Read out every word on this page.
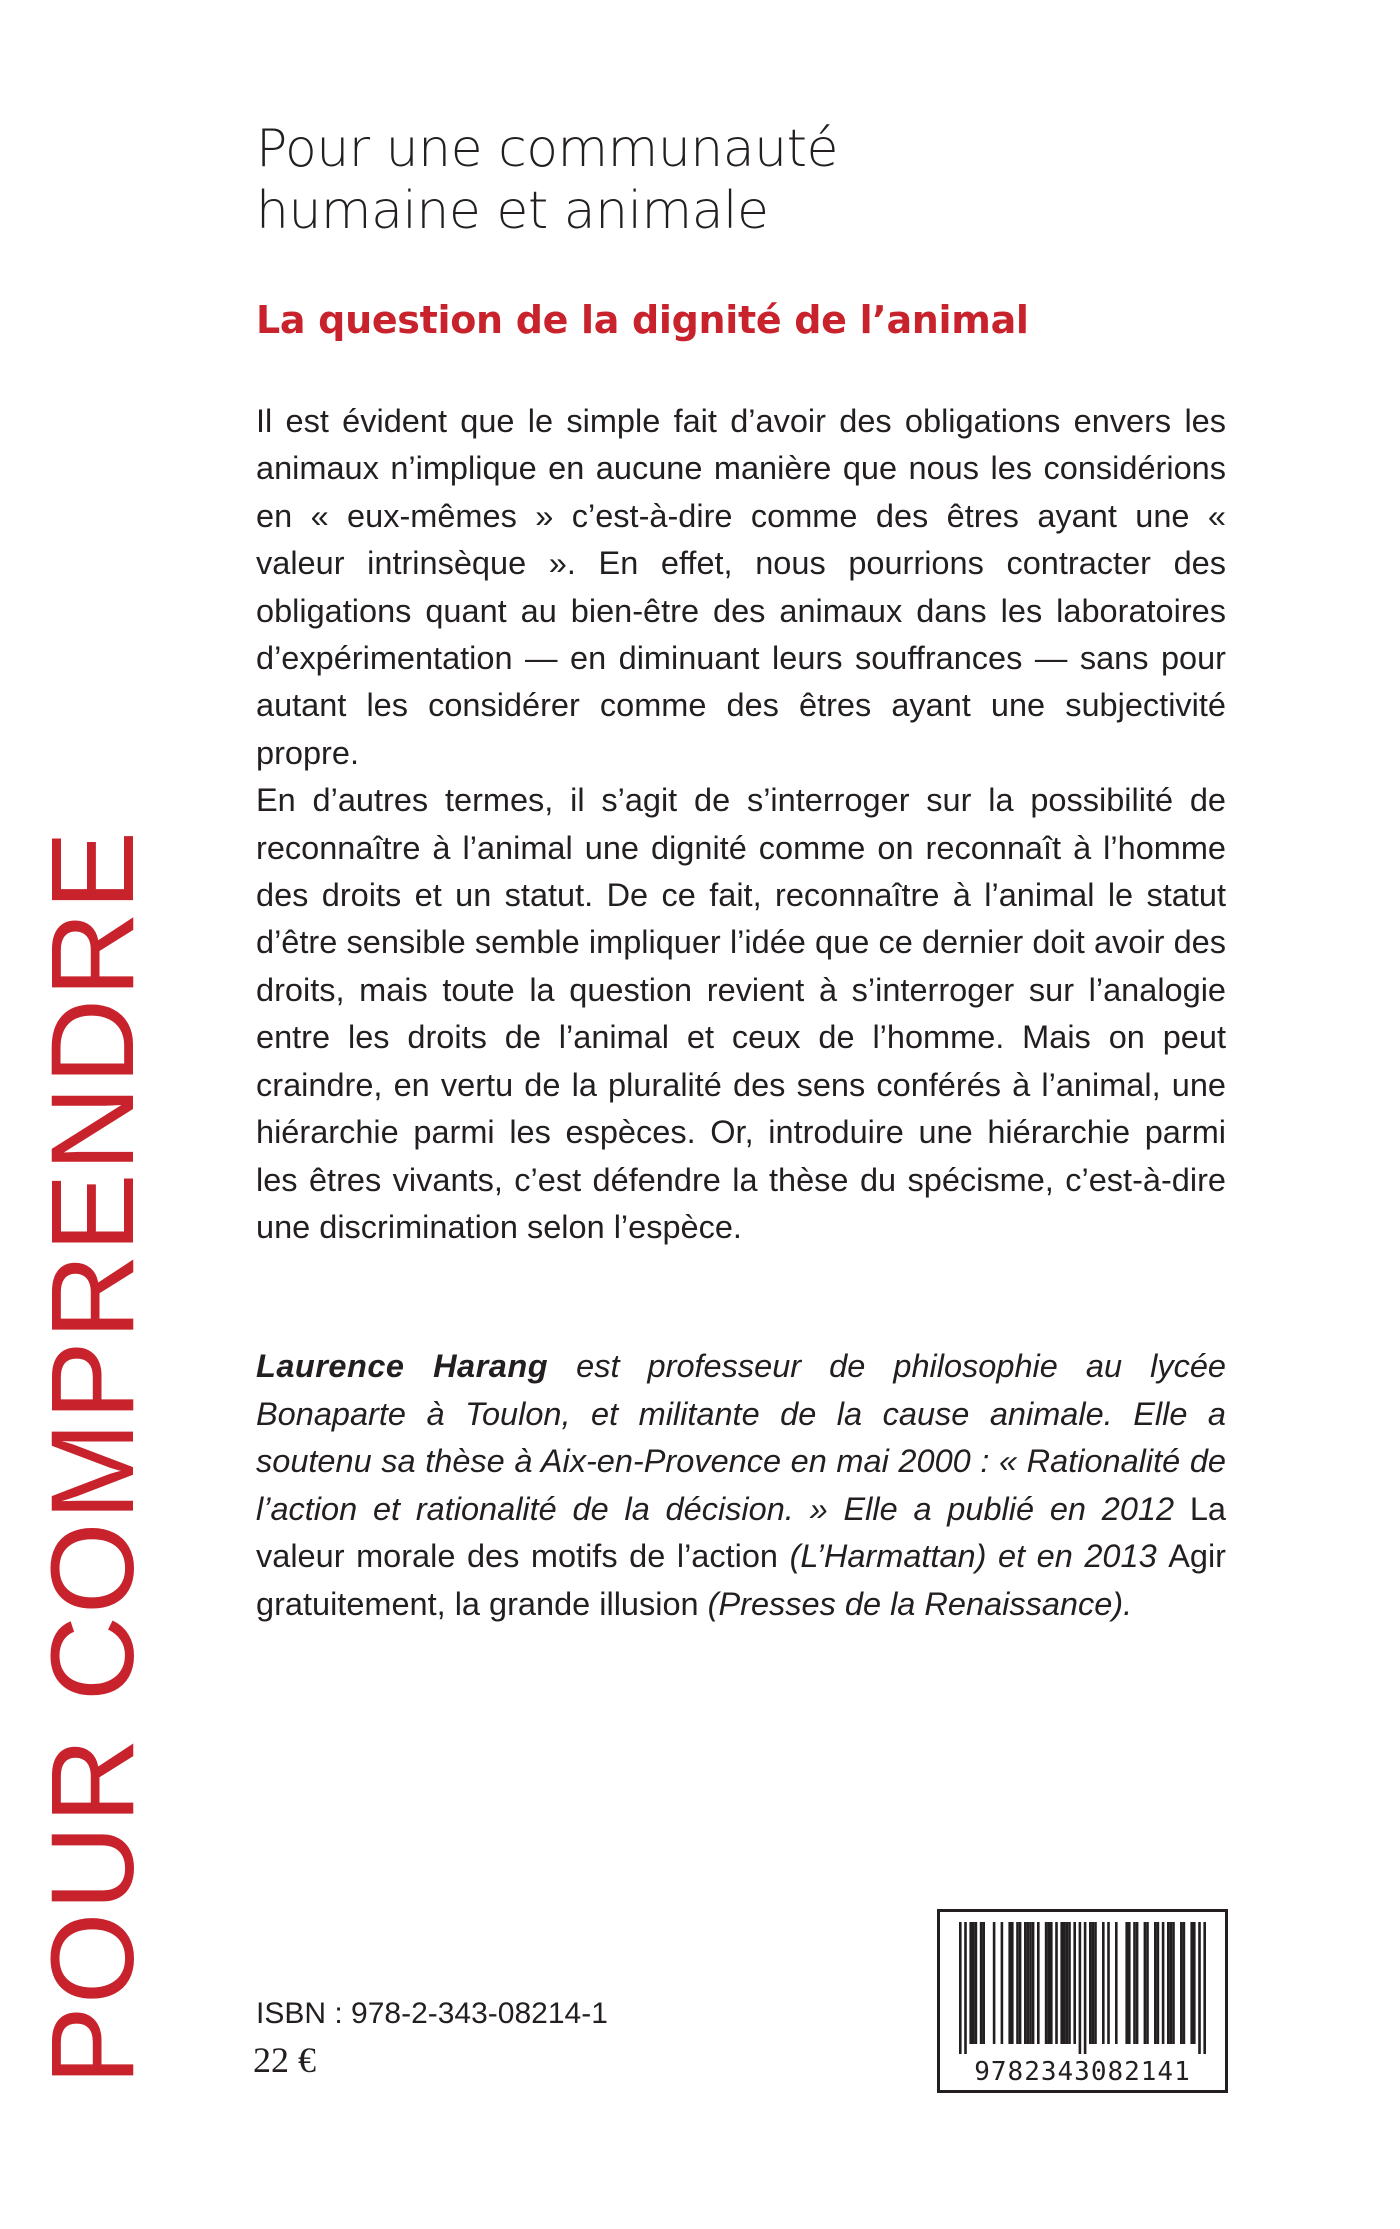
POUR COMPRENDRE
Pour une communauté
humaine et animale
La question de la dignité de l’animal

Il est évident que le simple fait d’avoir des obligations envers les animaux n’implique en aucune manière que nous les considérions en « eux-mêmes » c’est-à-dire comme des êtres ayant une « valeur intrinsèque ». En effet, nous pourrions contracter des obligations quant au bien-être des animaux dans les laboratoires d’expérimentation — en diminuant leurs souffrances — sans pour autant les considérer comme des êtres ayant une subjectivité propre.

En d’autres termes, il s’agit de s’interroger sur la possibilité de reconnaître à l’animal une dignité comme on reconnaît à l’homme des droits et un statut. De ce fait, reconnaître à l’animal le statut d’être sensible semble impliquer l’idée que ce dernier doit avoir des droits, mais toute la question revient à s’interroger sur l’analogie entre les droits de l’animal et ceux de l’homme. Mais on peut craindre, en vertu de la pluralité des sens conférés à l’animal, une hiérarchie parmi les espèces. Or, introduire une hiérarchie parmi les êtres vivants, c’est défendre la thèse du spécisme, c’est-à-dire une discrimination selon l’espèce.

Laurence Harang est professeur de philosophie au lycée Bonaparte à Toulon, et militante de la cause animale. Elle a soutenu sa thèse à Aix-en-Provence en mai 2000 : « Rationalité de l’action et rationalité de la décision. » Elle a publié en 2012 La valeur morale des motifs de l’action (L’Harmattan) et en 2013 Agir gratuitement, la grande illusion (Presses de la Renaissance).

ISBN : 978-2-343-08214-1

22 €	9782343082141
